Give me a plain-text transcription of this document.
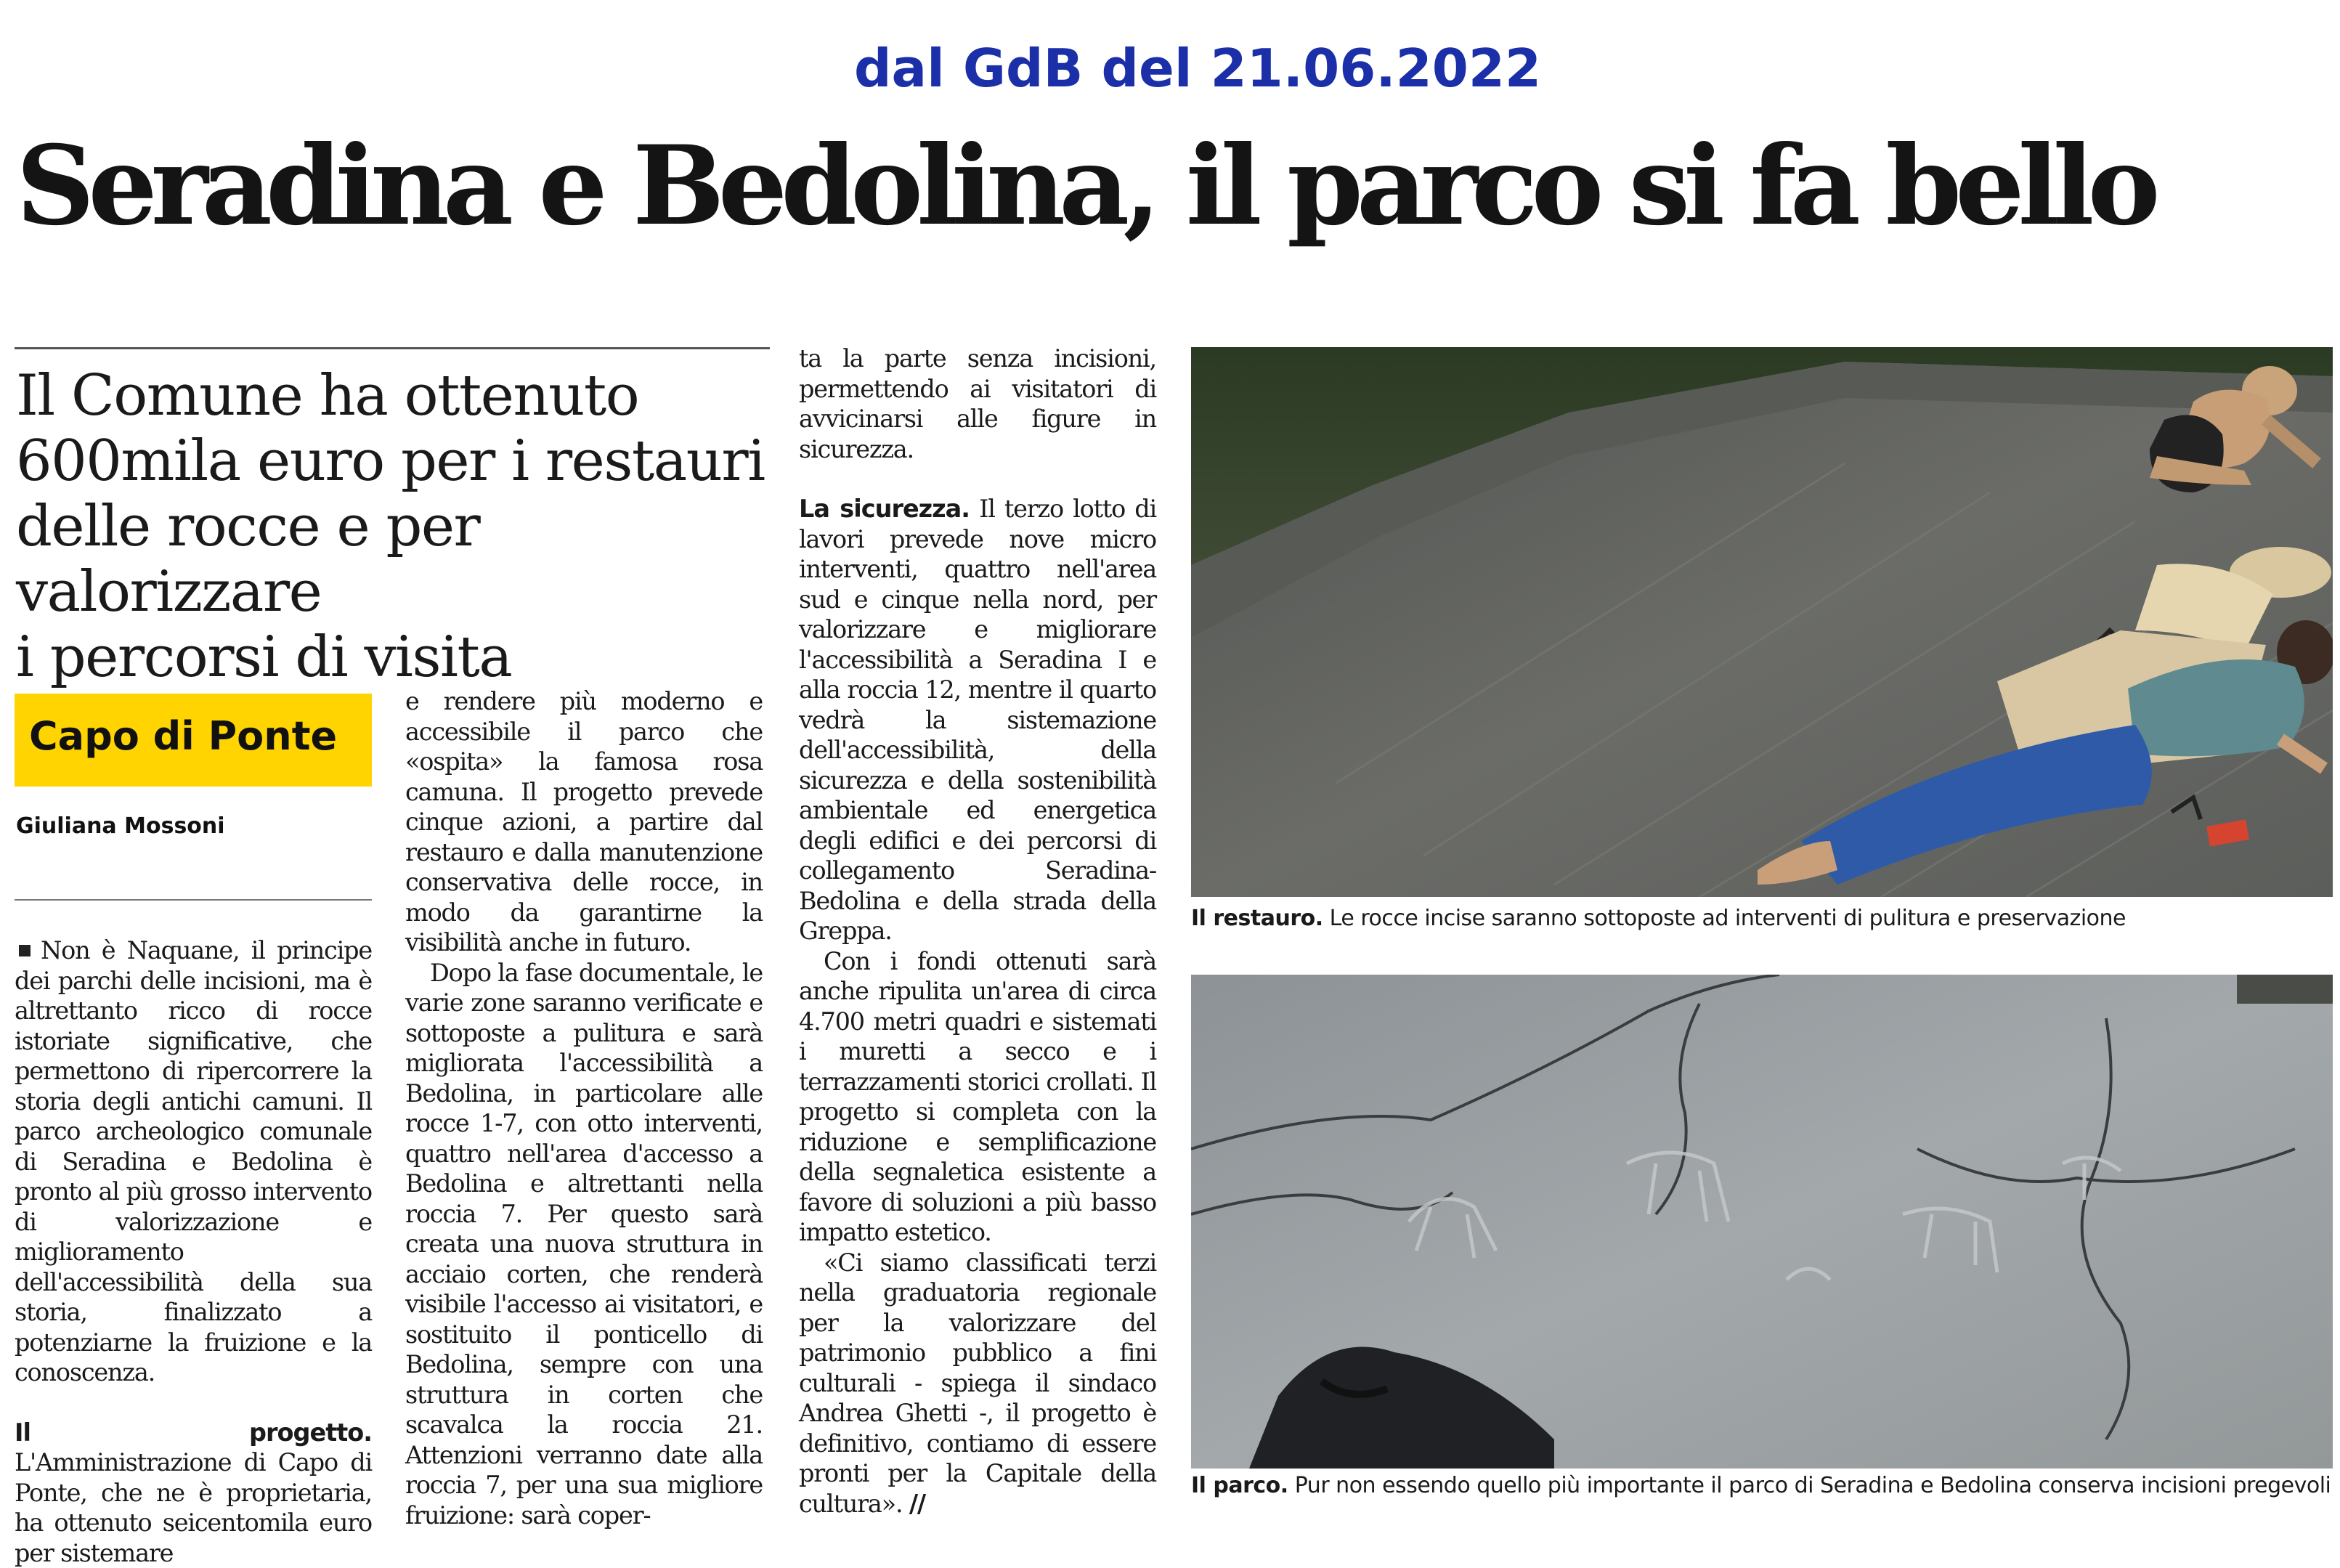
dal GdB del 21.06.2022
Seradina e Bedolina, il parco si fa bello
Il Comune ha ottenuto
600mila euro per i restauri
delle rocce e per valorizzare
i percorsi di visita
Capo di Ponte
Giuliana Mossoni

Non è Naquane, il principe dei parchi delle incisioni, ma è altrettanto ricco di rocce istoriate significative, che permettono di ripercorrere la storia degli antichi camuni. Il parco archeologico comunale di Seradina e Bedolina è pronto al più grosso intervento di valorizzazione e miglioramento dell'accessibilità della sua storia, finalizzato a potenziarne la fruizione e la conoscenza.

Il progetto. L'Amministrazione di Capo di Ponte, che ne è proprietaria, ha ottenuto seicentomila euro per sistemare

e rendere più moderno e accessibile il parco che «ospita» la famosa rosa camuna. Il progetto prevede cinque azioni, a partire dal restauro e dalla manutenzione conservativa delle rocce, in modo da garantirne la visibilità anche in futuro.

Dopo la fase documentale, le varie zone saranno verificate e sottoposte a pulitura e sarà migliorata l'accessibilità a Bedolina, in particolare alle rocce 1-7, con otto interventi, quattro nell'area d'accesso a Bedolina e altrettanti nella roccia 7. Per questo sarà creata una nuova struttura in acciaio corten, che renderà visibile l'accesso ai visitatori, e sostituito il ponticello di Bedolina, sempre con una struttura in corten che scavalca la roccia 21. Attenzioni verranno date alla roccia 7, per una sua migliore fruizione: sarà coper-

ta la parte senza incisioni, permettendo ai visitatori di avvicinarsi alle figure in sicurezza.

La sicurezza. Il terzo lotto di lavori prevede nove micro interventi, quattro nell'area sud e cinque nella nord, per valorizzare e migliorare l'accessibilità a Seradina I e alla roccia 12, mentre il quarto vedrà la sistemazione dell'accessibilità, della sicurezza e della sostenibilità ambientale ed energetica degli edifici e dei percorsi di collegamento Seradina-Bedolina e della strada della Greppa.

Con i fondi ottenuti sarà anche ripulita un'area di circa 4.700 metri quadri e sistemati i muretti a secco e i terrazzamenti storici crollati. Il progetto si completa con la riduzione e semplificazione della segnaletica esistente a favore di soluzioni a più basso impatto estetico.

«Ci siamo classificati terzi nella graduatoria regionale per la valorizzare del patrimonio pubblico a fini culturali - spiega il sindaco Andrea Ghetti -, il progetto è definitivo, contiamo di essere pronti per la Capitale della cultura». //

Il restauro. Le rocce incise saranno sottoposte ad interventi di pulitura e preservazione
Il parco. Pur non essendo quello più importante il parco di Seradina e Bedolina conserva incisioni pregevoli
